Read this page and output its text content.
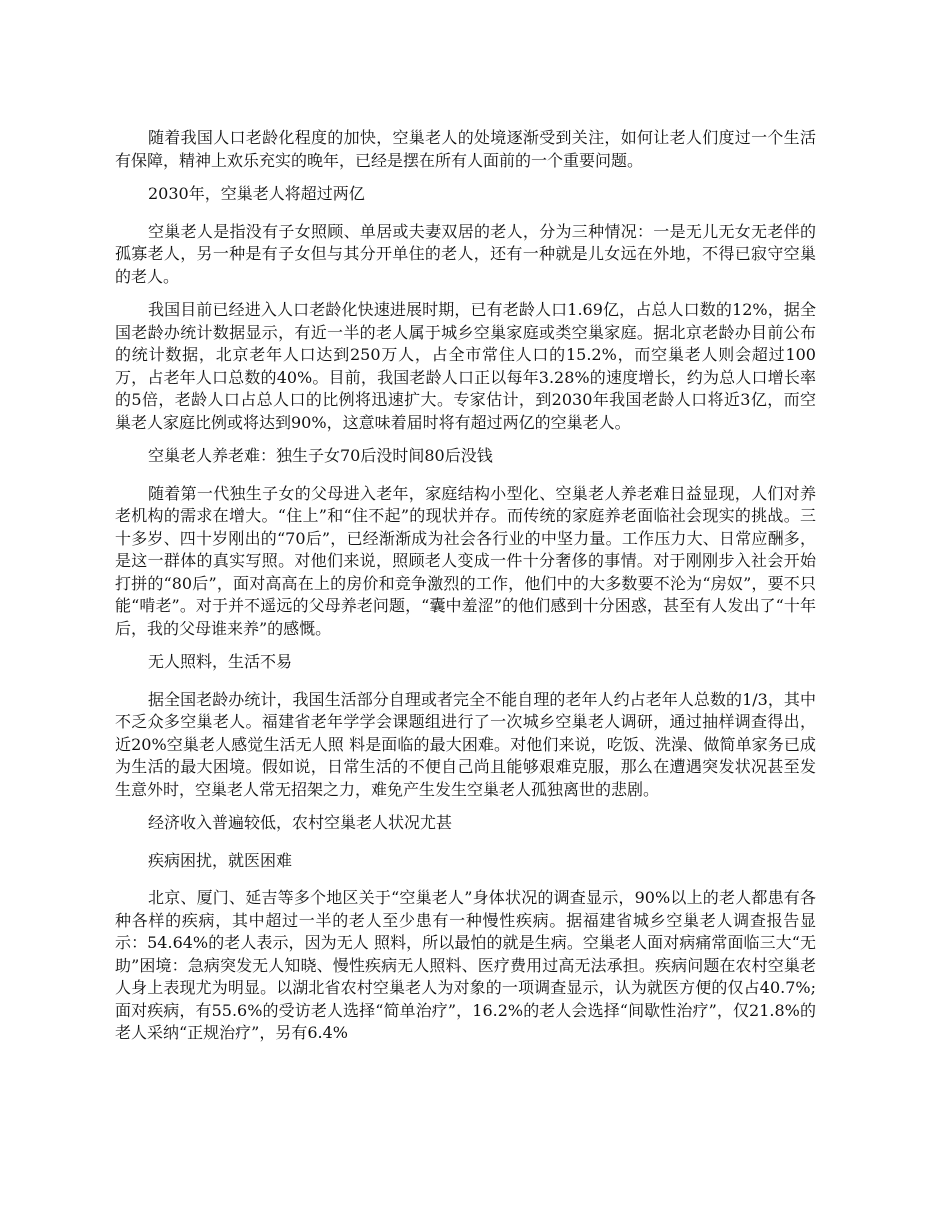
随着我国人口老龄化程度的加快，空巢老人的处境逐渐受到关注，如何让老人们度过一个生活有保障，精神上欢乐充实的晚年，已经是摆在所有人面前的一个重要问题。

2030年，空巢老人将超过两亿

空巢老人是指没有子女照顾、单居或夫妻双居的老人，分为三种情况：一是无儿无女无老伴的孤寡老人，另一种是有子女但与其分开单住的老人，还有一种就是儿女远在外地，不得已寂守空巢的老人。

我国目前已经进入人口老龄化快速进展时期，已有老龄人口1.69亿，占总人口数的12%，据全国老龄办统计数据显示，有近一半的老人属于城乡空巢家庭或类空巢家庭。据北京老龄办目前公布的统计数据，北京老年人口达到250万人，占全市常住人口的15.2%，而空巢老人则会超过100万，占老年人口总数的40%。目前，我国老龄人口正以每年3.28%的速度增长，约为总人口增长率的5倍，老龄人口占总人口的比例将迅速扩大。专家估计，到2030年我国老龄人口将近3亿，而空巢老人家庭比例或将达到90%，这意味着届时将有超过两亿的空巢老人。

空巢老人养老难：独生子女70后没时间80后没钱

随着第一代独生子女的父母进入老年，家庭结构小型化、空巢老人养老难日益显现，人们对养老机构的需求在增大。“住上”和“住不起”的现状并存。而传统的家庭养老面临社会现实的挑战。三十多岁、四十岁刚出的“70后”，已经渐渐成为社会各行业的中坚力量。工作压力大、日常应酬多，是这一群体的真实写照。对他们来说，照顾老人变成一件十分奢侈的事情。对于刚刚步入社会开始打拼的“80后”，面对高高在上的房价和竞争激烈的工作，他们中的大多数要不沦为“房奴”，要不只能“啃老”。对于并不遥远的父母养老问题，“囊中羞涩”的他们感到十分困惑，甚至有人发出了“十年后，我的父母谁来养”的感慨。

无人照料，生活不易

据全国老龄办统计，我国生活部分自理或者完全不能自理的老年人约占老年人总数的1/3，其中不乏众多空巢老人。福建省老年学学会课题组进行了一次城乡空巢老人调研，通过抽样调查得出，近20%空巢老人感觉生活无人照 料是面临的最大困难。对他们来说，吃饭、洗澡、做简单家务已成为生活的最大困境。假如说，日常生活的不便自己尚且能够艰难克服，那么在遭遇突发状况甚至发生意外时，空巢老人常无招架之力，难免产生发生空巢老人孤独离世的悲剧。

经济收入普遍较低，农村空巢老人状况尤甚

疾病困扰，就医困难

北京、厦门、延吉等多个地区关于“空巢老人”身体状况的调查显示，90%以上的老人都患有各种各样的疾病，其中超过一半的老人至少患有一种慢性疾病。据福建省城乡空巢老人调查报告显示：54.64%的老人表示，因为无人 照料，所以最怕的就是生病。空巢老人面对病痛常面临三大“无助”困境：急病突发无人知晓、慢性疾病无人照料、医疗费用过高无法承担。疾病问题在农村空巢老人身上表现尤为明显。以湖北省农村空巢老人为对象的一项调查显示，认为就医方便的仅占40.7%;面对疾病，有55.6%的受访老人选择“简单治疗”，16.2%的老人会选择“间歇性治疗”，仅21.8%的老人采纳“正规治疗”，另有6.4%
